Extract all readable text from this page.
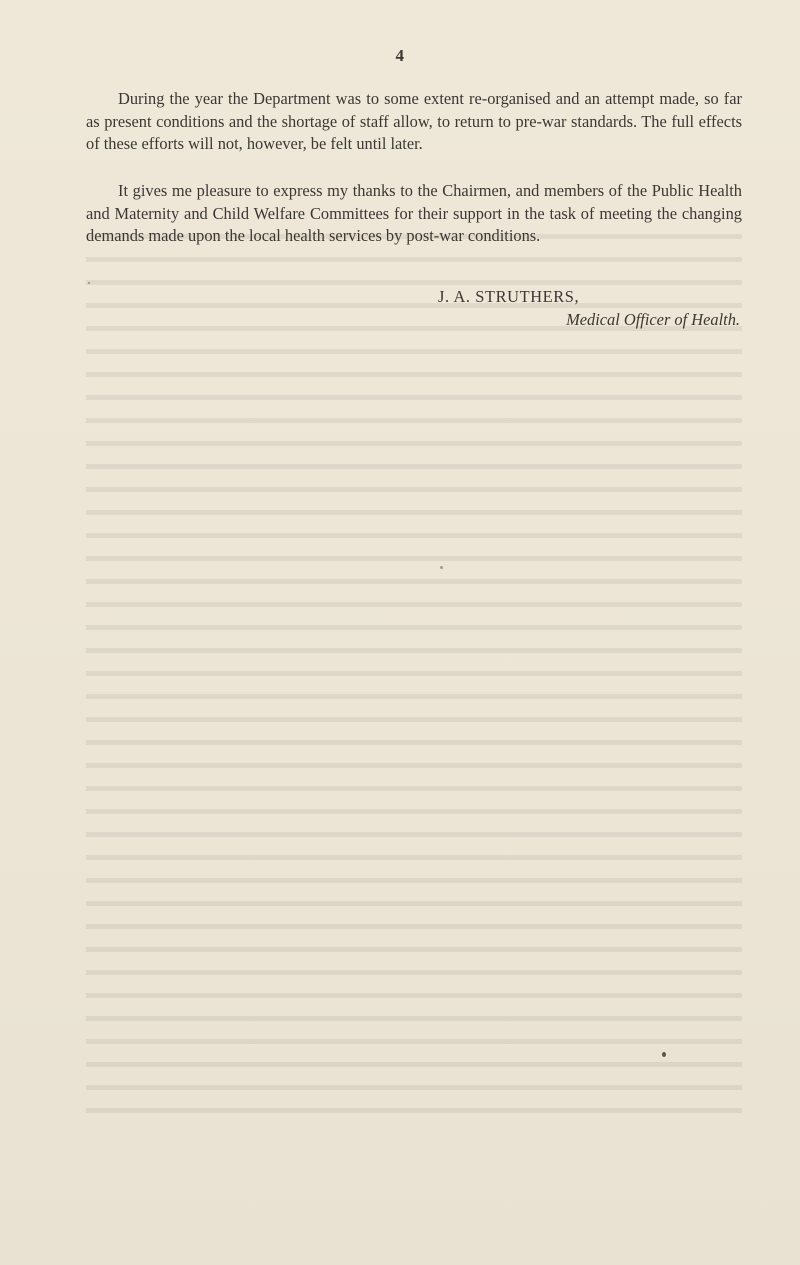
4

During the year the Department was to some extent re-organised and an attempt made, so far as present conditions and the shortage of staff allow, to return to pre-war standards. The full effects of these efforts will not, however, be felt until later.

It gives me pleasure to express my thanks to the Chairmen, and members of the Public Health and Maternity and Child Welfare Committees for their support in the task of meeting the changing demands made upon the local health services by post-war conditions.

J. A. STRUTHERS,
Medical Officer of Health.
